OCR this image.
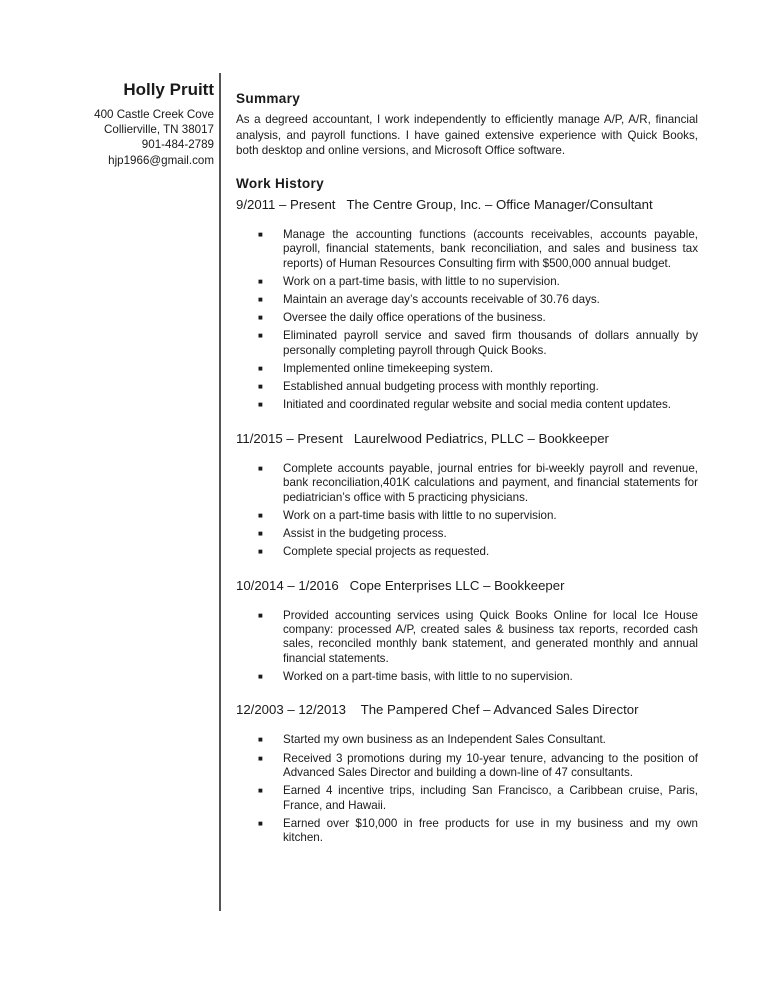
Holly Pruitt
400 Castle Creek Cove
Collierville, TN 38017
901-484-2789
hjp1966@gmail.com
Summary
As a degreed accountant, I work independently to efficiently manage A/P, A/R, financial analysis, and payroll functions. I have gained extensive experience with Quick Books, both desktop and online versions, and Microsoft Office software.
Work History
9/2011 – Present The Centre Group, Inc. – Office Manager/Consultant
■ Manage the accounting functions (accounts receivables, accounts payable, payroll, financial statements, bank reconciliation, and sales and business tax reports) of Human Resources Consulting firm with $500,000 annual budget.
■ Work on a part-time basis, with little to no supervision.
■ Maintain an average day’s accounts receivable of 30.76 days.
■ Oversee the daily office operations of the business.
■ Eliminated payroll service and saved firm thousands of dollars annually by personally completing payroll through Quick Books.
■ Implemented online timekeeping system.
■ Established annual budgeting process with monthly reporting.
■ Initiated and coordinated regular website and social media content updates.
11/2015 – Present Laurelwood Pediatrics, PLLC – Bookkeeper
■ Complete accounts payable, journal entries for bi-weekly payroll and revenue, bank reconciliation,401K calculations and payment, and financial statements for pediatrician’s office with 5 practicing physicians.
■ Work on a part-time basis with little to no supervision.
■ Assist in the budgeting process.
■ Complete special projects as requested.
10/2014 – 1/2016 Cope Enterprises LLC – Bookkeeper
■ Provided accounting services using Quick Books Online for local Ice House company: processed A/P, created sales & business tax reports, recorded cash sales, reconciled monthly bank statement, and generated monthly and annual financial statements.
■ Worked on a part-time basis, with little to no supervision.
12/2003 – 12/2013 The Pampered Chef – Advanced Sales Director
■ Started my own business as an Independent Sales Consultant.
■ Received 3 promotions during my 10-year tenure, advancing to the position of Advanced Sales Director and building a down-line of 47 consultants.
■ Earned 4 incentive trips, including San Francisco, a Caribbean cruise, Paris, France, and Hawaii.
■ Earned over $10,000 in free products for use in my business and my own kitchen.
